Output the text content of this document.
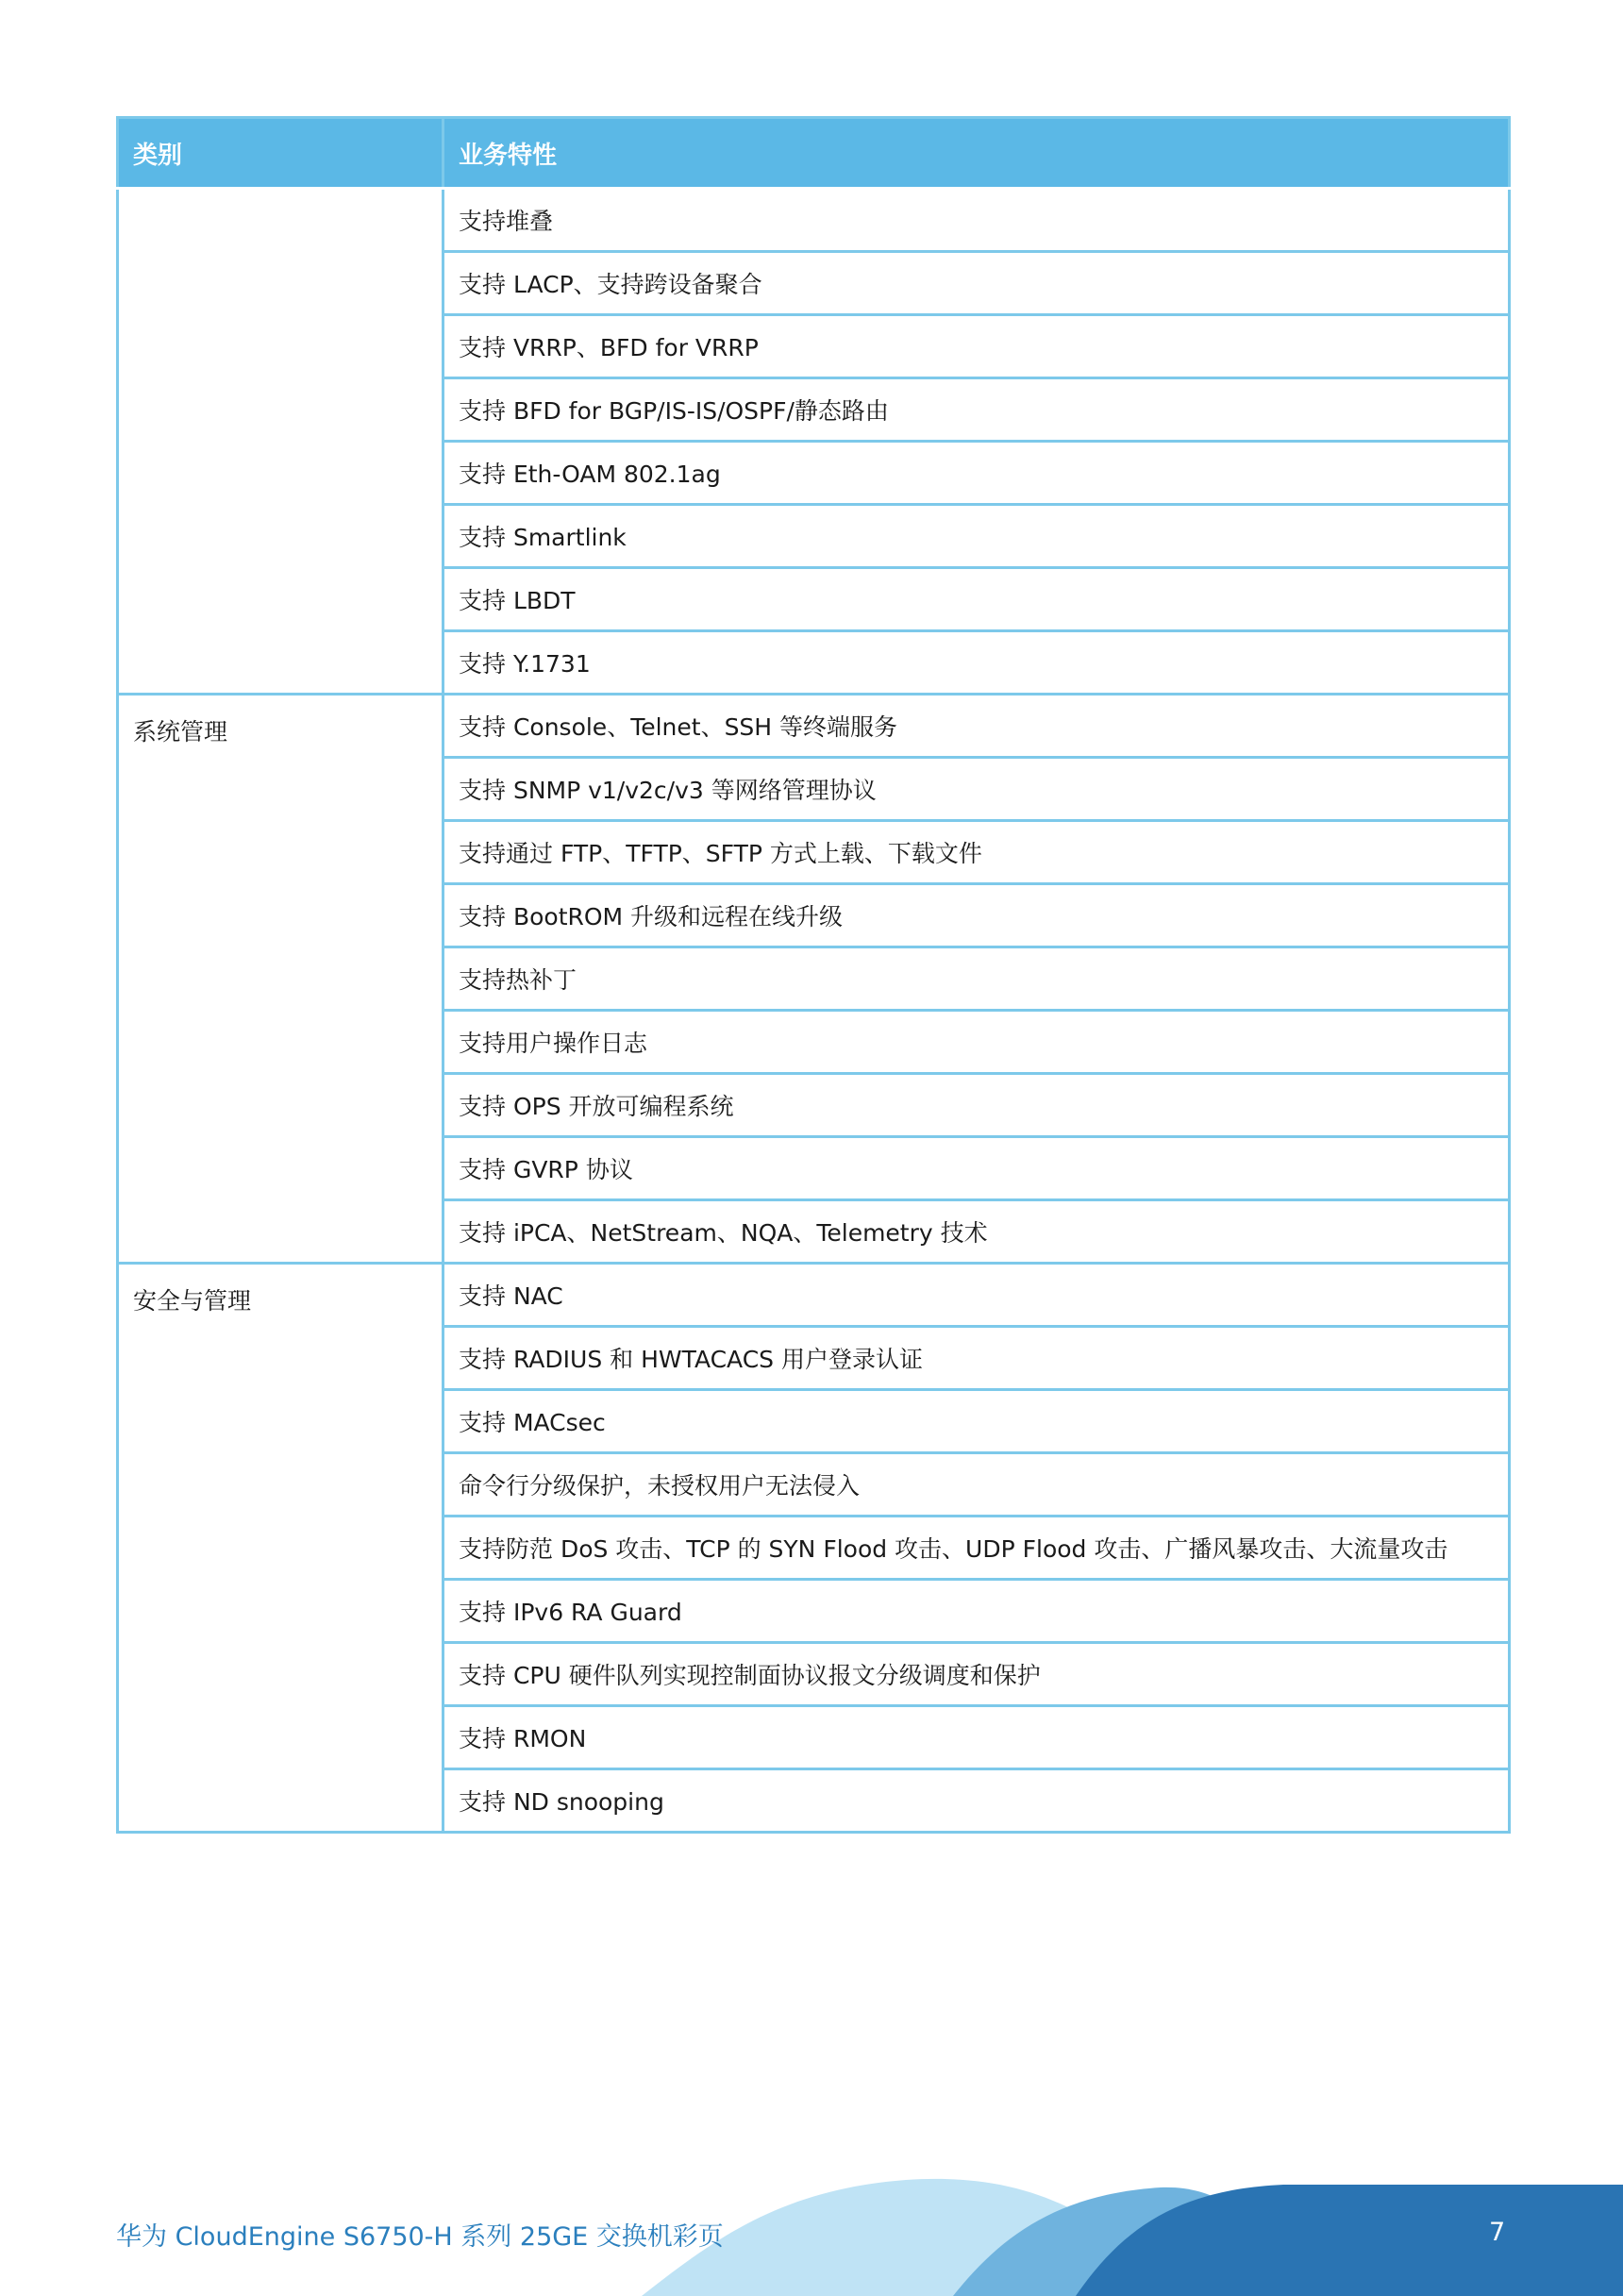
类别	业务特性
	支持堆叠
	支持 LACP、支持跨设备聚合
	支持 VRRP、BFD for VRRP
	支持 BFD for BGP/IS-IS/OSPF/静态路由
	支持 Eth-OAM 802.1ag
	支持 Smartlink
	支持 LBDT
	支持 Y.1731
系统管理	支持 Console、Telnet、SSH 等终端服务
	支持 SNMP v1/v2c/v3 等网络管理协议
	支持通过 FTP、TFTP、SFTP 方式上载、下载文件
	支持 BootROM 升级和远程在线升级
	支持热补丁
	支持用户操作日志
	支持 OPS 开放可编程系统
	支持 GVRP 协议
	支持 iPCA、NetStream、NQA、Telemetry 技术
安全与管理	支持 NAC
	支持 RADIUS 和 HWTACACS 用户登录认证
	支持 MACsec
	命令行分级保护，未授权用户无法侵入
	支持防范 DoS 攻击、TCP 的 SYN Flood 攻击、UDP Flood 攻击、广播风暴攻击、大流量攻击
	支持 IPv6 RA Guard
	支持 CPU 硬件队列实现控制面协议报文分级调度和保护
	支持 RMON
	支持 ND snooping
华为 CloudEngine S6750-H 系列 25GE 交换机彩页	7
